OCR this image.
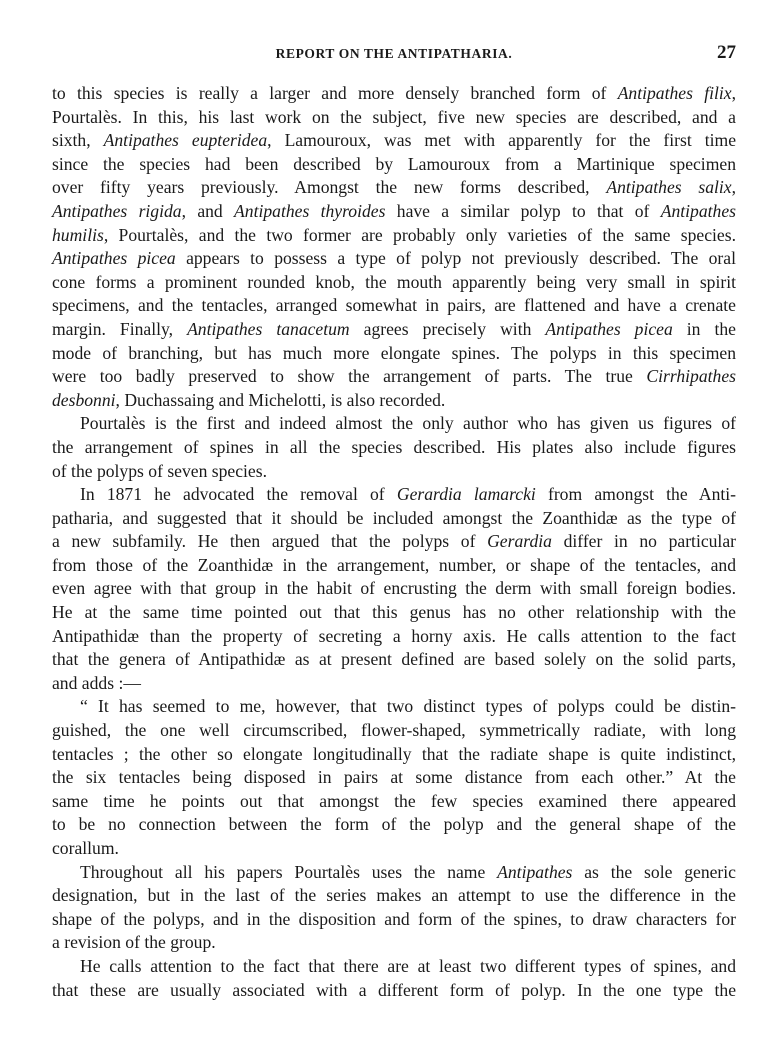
REPORT ON THE ANTIPATHARIA.	27
to this species is really a larger and more densely branched form of Antipathes filix,
Pourtalès. In this, his last work on the subject, five new species are described, and a
sixth, Antipathes eupteridea, Lamouroux, was met with apparently for the first time
since the species had been described by Lamouroux from a Martinique specimen
over fifty years previously. Amongst the new forms described, Antipathes salix,
Antipathes rigida, and Antipathes thyroides have a similar polyp to that of Antipathes
humilis, Pourtalès, and the two former are probably only varieties of the same species.
Antipathes picea appears to possess a type of polyp not previously described. The oral
cone forms a prominent rounded knob, the mouth apparently being very small in spirit
specimens, and the tentacles, arranged somewhat in pairs, are flattened and have a crenate
margin. Finally, Antipathes tanacetum agrees precisely with Antipathes picea in the
mode of branching, but has much more elongate spines. The polyps in this specimen
were too badly preserved to show the arrangement of parts. The true Cirrhipathes
desbonni, Duchassaing and Michelotti, is also recorded.
Pourtalès is the first and indeed almost the only author who has given us figures of
the arrangement of spines in all the species described. His plates also include figures
of the polyps of seven species.
In 1871 he advocated the removal of Gerardia lamarcki from amongst the Anti-
patharia, and suggested that it should be included amongst the Zoanthidæ as the type of
a new subfamily. He then argued that the polyps of Gerardia differ in no particular
from those of the Zoanthidæ in the arrangement, number, or shape of the tentacles, and
even agree with that group in the habit of encrusting the derm with small foreign bodies.
He at the same time pointed out that this genus has no other relationship with the
Antipathidæ than the property of secreting a horny axis. He calls attention to the fact
that the genera of Antipathidæ as at present defined are based solely on the solid parts,
and adds :—
“ It has seemed to me, however, that two distinct types of polyps could be distin-
guished, the one well circumscribed, flower-shaped, symmetrically radiate, with long
tentacles ; the other so elongate longitudinally that the radiate shape is quite indistinct,
the six tentacles being disposed in pairs at some distance from each other.” At the
same time he points out that amongst the few species examined there appeared
to be no connection between the form of the polyp and the general shape of the
corallum.
Throughout all his papers Pourtalès uses the name Antipathes as the sole generic
designation, but in the last of the series makes an attempt to use the difference in the
shape of the polyps, and in the disposition and form of the spines, to draw characters for
a revision of the group.
He calls attention to the fact that there are at least two different types of spines, and
that these are usually associated with a different form of polyp. In the one type the
